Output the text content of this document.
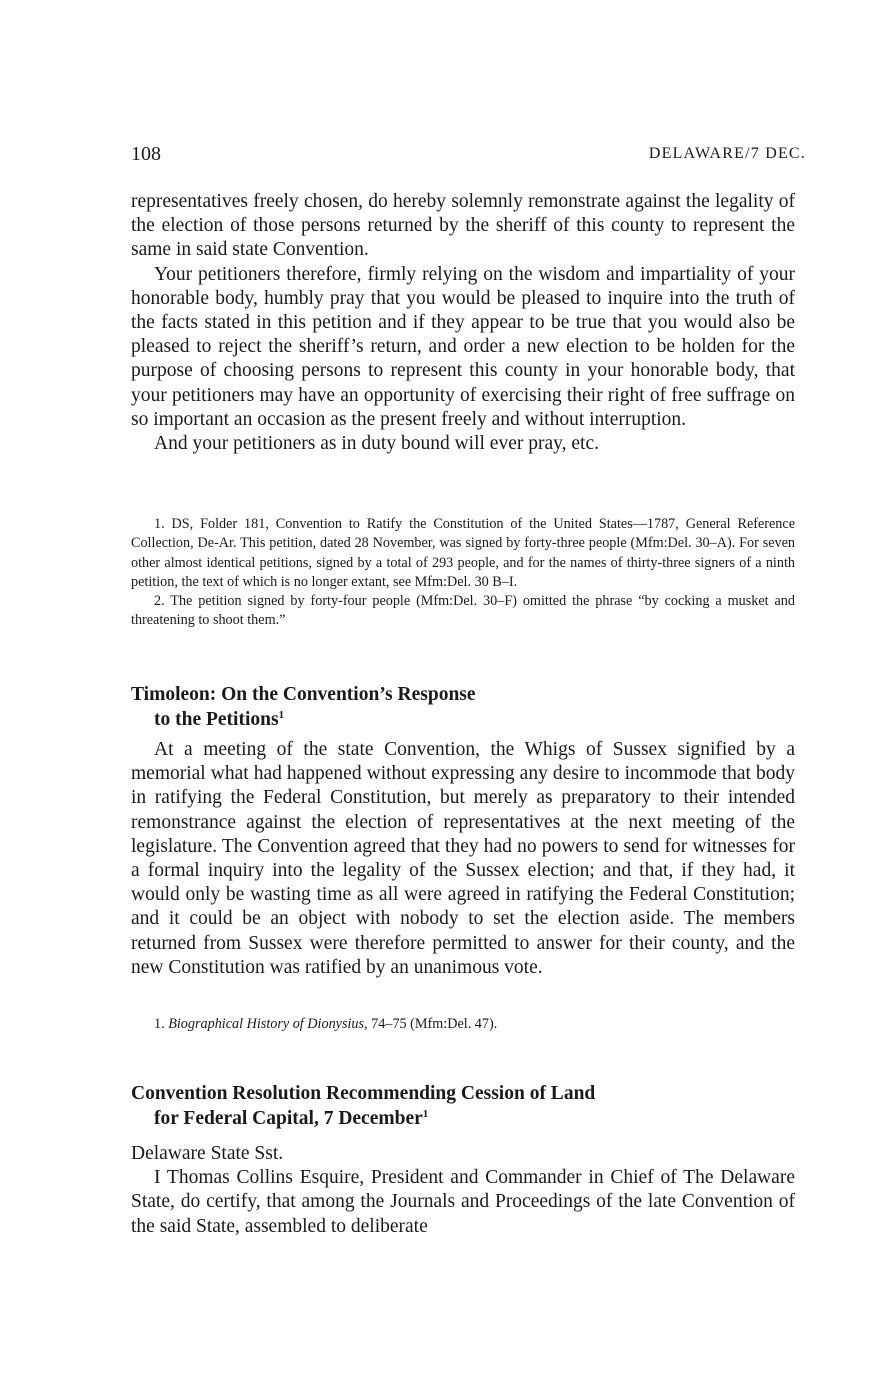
108	DELAWARE/7 DEC.

representatives freely chosen, do hereby solemnly remonstrate against the legality of the election of those persons returned by the sheriff of this county to represent the same in said state Convention.

Your petitioners therefore, firmly relying on the wisdom and impartiality of your honorable body, humbly pray that you would be pleased to inquire into the truth of the facts stated in this petition and if they appear to be true that you would also be pleased to reject the sheriff’s return, and order a new election to be holden for the purpose of choosing persons to represent this county in your honorable body, that your petitioners may have an opportunity of exercising their right of free suffrage on so important an occasion as the present freely and without interruption.

And your petitioners as in duty bound will ever pray, etc.

1. DS, Folder 181, Convention to Ratify the Constitution of the United States—1787, General Reference Collection, De-Ar. This petition, dated 28 November, was signed by forty-three people (Mfm:Del. 30–A). For seven other almost identical petitions, signed by a total of 293 people, and for the names of thirty-three signers of a ninth petition, the text of which is no longer extant, see Mfm:Del. 30 B–I.

2. The petition signed by forty-four people (Mfm:Del. 30–F) omitted the phrase “by cocking a musket and threatening to shoot them.”

Timoleon: On the Convention’s Response
to the Petitions$^1$

At a meeting of the state Convention, the Whigs of Sussex signified by a memorial what had happened without expressing any desire to incommode that body in ratifying the Federal Constitution, but merely as preparatory to their intended remonstrance against the election of representatives at the next meeting of the legislature. The Convention agreed that they had no powers to send for witnesses for a formal inquiry into the legality of the Sussex election; and that, if they had, it would only be wasting time as all were agreed in ratifying the Federal Constitution; and it could be an object with nobody to set the election aside. The members returned from Sussex were therefore permitted to answer for their county, and the new Constitution was ratified by an unanimous vote.

1. Biographical History of Dionysius, 74–75 (Mfm:Del. 47).

Convention Resolution Recommending Cession of Land
for Federal Capital, 7 December$^1$

Delaware State Sst.

I Thomas Collins Esquire, President and Commander in Chief of The Delaware State, do certify, that among the Journals and Proceedings of the late Convention of the said State, assembled to deliberate
